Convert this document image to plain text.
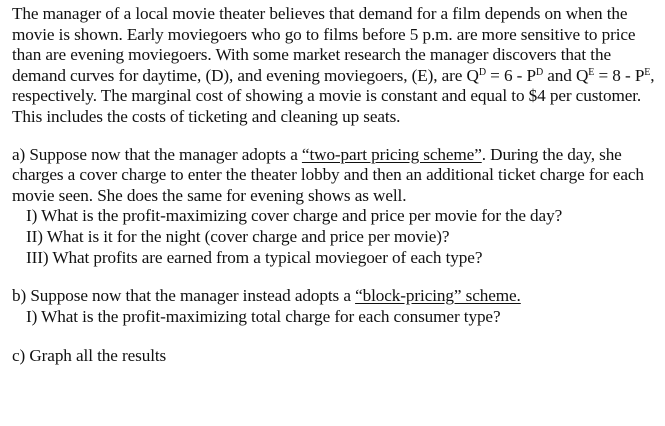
The manager of a local movie theater believes that demand for a film depends on when the movie is shown. Early moviegoers who go to films before 5 p.m. are more sensitive to price than are evening moviegoers. With some market research the manager discovers that the demand curves for daytime, (D), and evening moviegoers, (E), are $Q^D = 6 - P^D$ and $Q^E = 8 - P^E$, respectively. The marginal cost of showing a movie is constant and equal to $4 per customer. This includes the costs of ticketing and cleaning up seats.

a) Suppose now that the manager adopts a “two-part pricing scheme”. During the day, she charges a cover charge to enter the theater lobby and then an additional ticket charge for each movie seen. She does the same for evening shows as well.

I) What is the profit-maximizing cover charge and price per movie for the day?
II) What is it for the night (cover charge and price per movie)?
III) What profits are earned from a typical moviegoer of each type?

b) Suppose now that the manager instead adopts a “block-pricing” scheme.

I) What is the profit-maximizing total charge for each consumer type?

c) Graph all the results
